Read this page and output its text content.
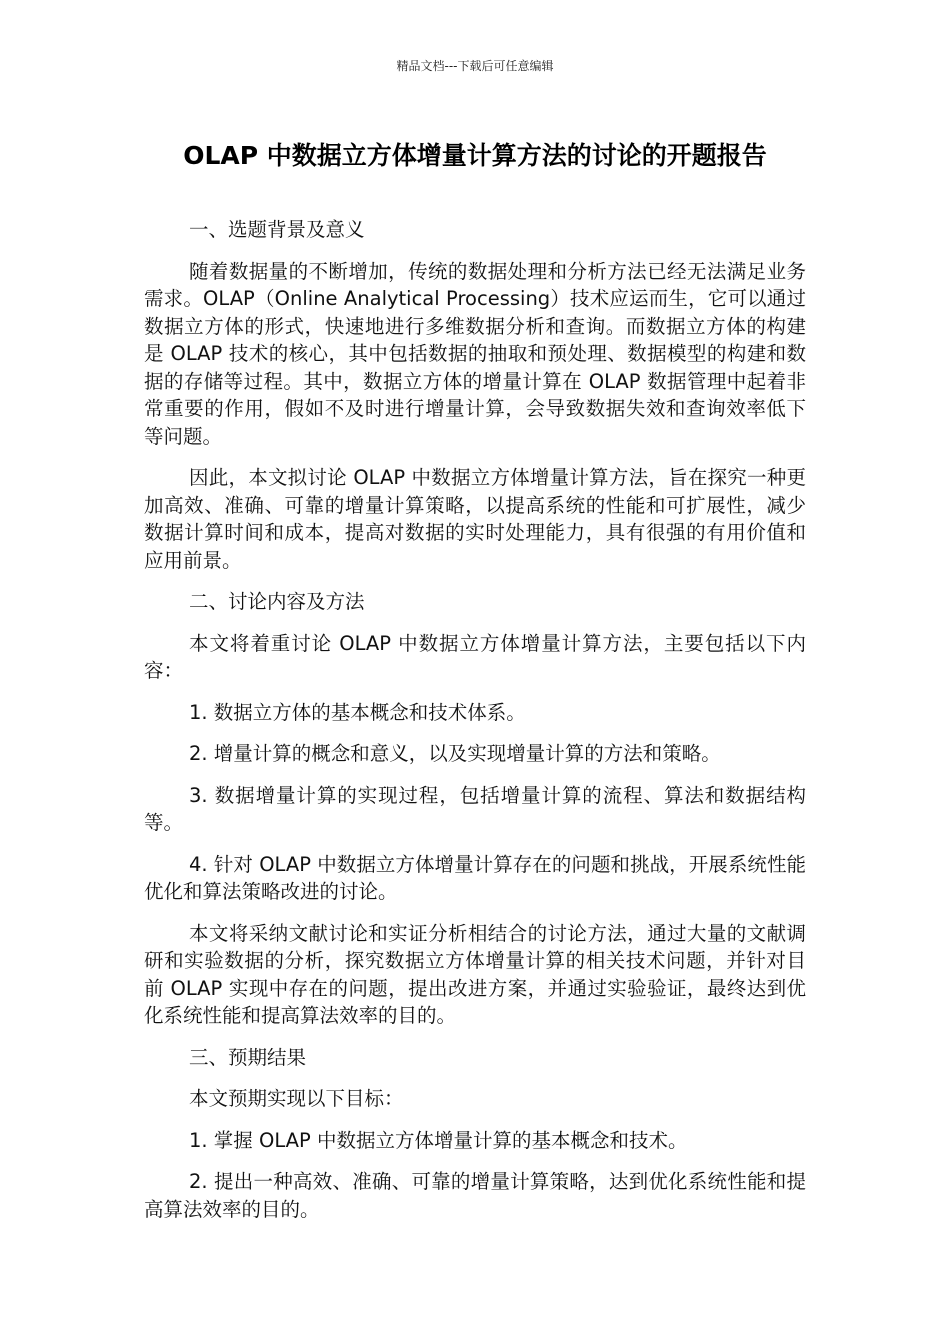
精品文档---下载后可任意编辑
OLAP 中数据立方体增量计算方法的讨论的开题报告

一、选题背景及意义

随着数据量的不断增加，传统的数据处理和分析方法已经无法满足业务需求。OLAP（Online Analytical Processing）技术应运而生，它可以通过数据立方体的形式，快速地进行多维数据分析和查询。而数据立方体的构建是 OLAP 技术的核心，其中包括数据的抽取和预处理、数据模型的构建和数据的存储等过程。其中，数据立方体的增量计算在 OLAP 数据管理中起着非常重要的作用，假如不及时进行增量计算，会导致数据失效和查询效率低下等问题。

因此，本文拟讨论 OLAP 中数据立方体增量计算方法，旨在探究一种更加高效、准确、可靠的增量计算策略，以提高系统的性能和可扩展性，减少数据计算时间和成本，提高对数据的实时处理能力，具有很强的有用价值和应用前景。

二、讨论内容及方法

本文将着重讨论 OLAP 中数据立方体增量计算方法，主要包括以下内容：

1. 数据立方体的基本概念和技术体系。

2. 增量计算的概念和意义，以及实现增量计算的方法和策略。

3. 数据增量计算的实现过程，包括增量计算的流程、算法和数据结构等。

4. 针对 OLAP 中数据立方体增量计算存在的问题和挑战，开展系统性能优化和算法策略改进的讨论。

本文将采纳文献讨论和实证分析相结合的讨论方法，通过大量的文献调研和实验数据的分析，探究数据立方体增量计算的相关技术问题，并针对目前 OLAP 实现中存在的问题，提出改进方案，并通过实验验证，最终达到优化系统性能和提高算法效率的目的。

三、预期结果

本文预期实现以下目标：

1. 掌握 OLAP 中数据立方体增量计算的基本概念和技术。

2. 提出一种高效、准确、可靠的增量计算策略，达到优化系统性能和提高算法效率的目的。
